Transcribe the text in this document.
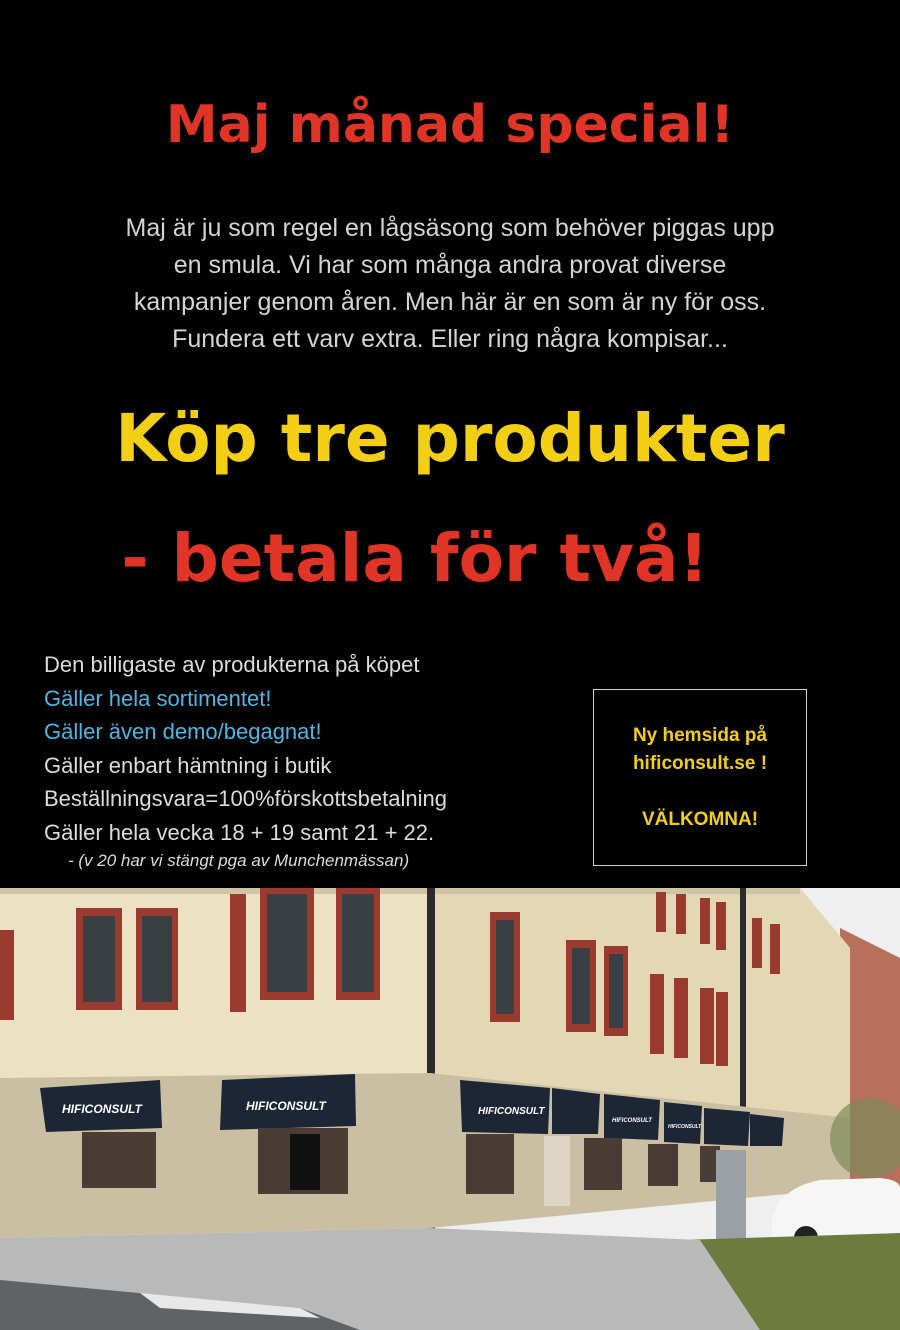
Maj månad special!

Maj är ju som regel en lågsäsong som behöver piggas upp
en smula. Vi har som många andra provat diverse
kampanjer genom åren. Men här är en som är ny för oss.
Fundera ett varv extra. Eller ring några kompisar...

Köp tre produkter
- betala för två!
Den billigaste av produkterna på köpet
Gäller hela sortimentet!
Gäller även demo/begagnat!
Gäller enbart hämtning i butik
Beställningsvara=100%förskottsbetalning
Gäller hela vecka 18 + 19 samt 21 + 22.
- (v 20 har vi stängt pga av Munchenmässan)
Ny hemsida på
hificonsult.se !
VÄLKOMNA!
HIFICONSULT	HIFICONSULT	HIFICONSULT
HIFICONSULT
HIFICONSULT
